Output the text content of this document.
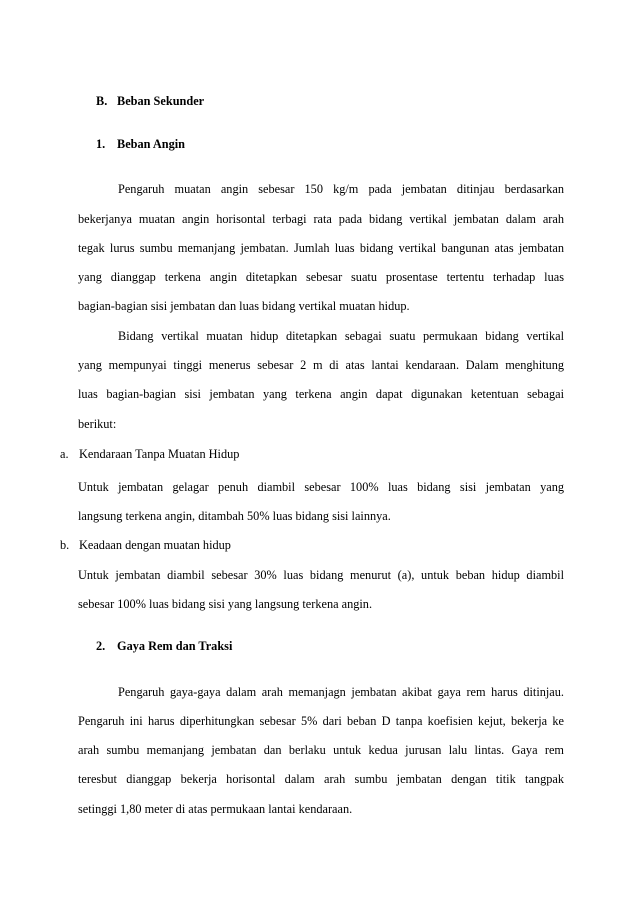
B. Beban Sekunder

1. Beban Angin

Pengaruh muatan angin sebesar 150 kg/m pada jembatan ditinjau berdasarkan

bekerjanya muatan angin horisontal terbagi rata pada bidang vertikal jembatan dalam arah

tegak lurus sumbu memanjang jembatan. Jumlah luas bidang vertikal bangunan atas jembatan

yang dianggap terkena angin ditetapkan sebesar suatu prosentase tertentu terhadap luas

bagian-bagian sisi jembatan dan luas bidang vertikal muatan hidup.

Bidang vertikal muatan hidup ditetapkan sebagai suatu permukaan bidang vertikal

yang mempunyai tinggi menerus sebesar 2 m di atas lantai kendaraan. Dalam menghitung

luas bagian-bagian sisi jembatan yang terkena angin dapat digunakan ketentuan sebagai

berikut:

a. Kendaraan Tanpa Muatan Hidup

Untuk jembatan gelagar penuh diambil sebesar 100% luas bidang sisi jembatan yang

langsung terkena angin, ditambah 50% luas bidang sisi lainnya.

b. Keadaan dengan muatan hidup

Untuk jembatan diambil sebesar 30% luas bidang menurut (a), untuk beban hidup diambil

sebesar 100% luas bidang sisi yang langsung terkena angin.

2. Gaya Rem dan Traksi

Pengaruh gaya-gaya dalam arah memanjagn jembatan akibat gaya rem harus ditinjau.

Pengaruh ini harus diperhitungkan sebesar 5% dari beban D tanpa koefisien kejut, bekerja ke

arah sumbu memanjang jembatan dan berlaku untuk kedua jurusan lalu lintas. Gaya rem

teresbut dianggap bekerja horisontal dalam arah sumbu jembatan dengan titik tangpak

setinggi 1,80 meter di atas permukaan lantai kendaraan.
